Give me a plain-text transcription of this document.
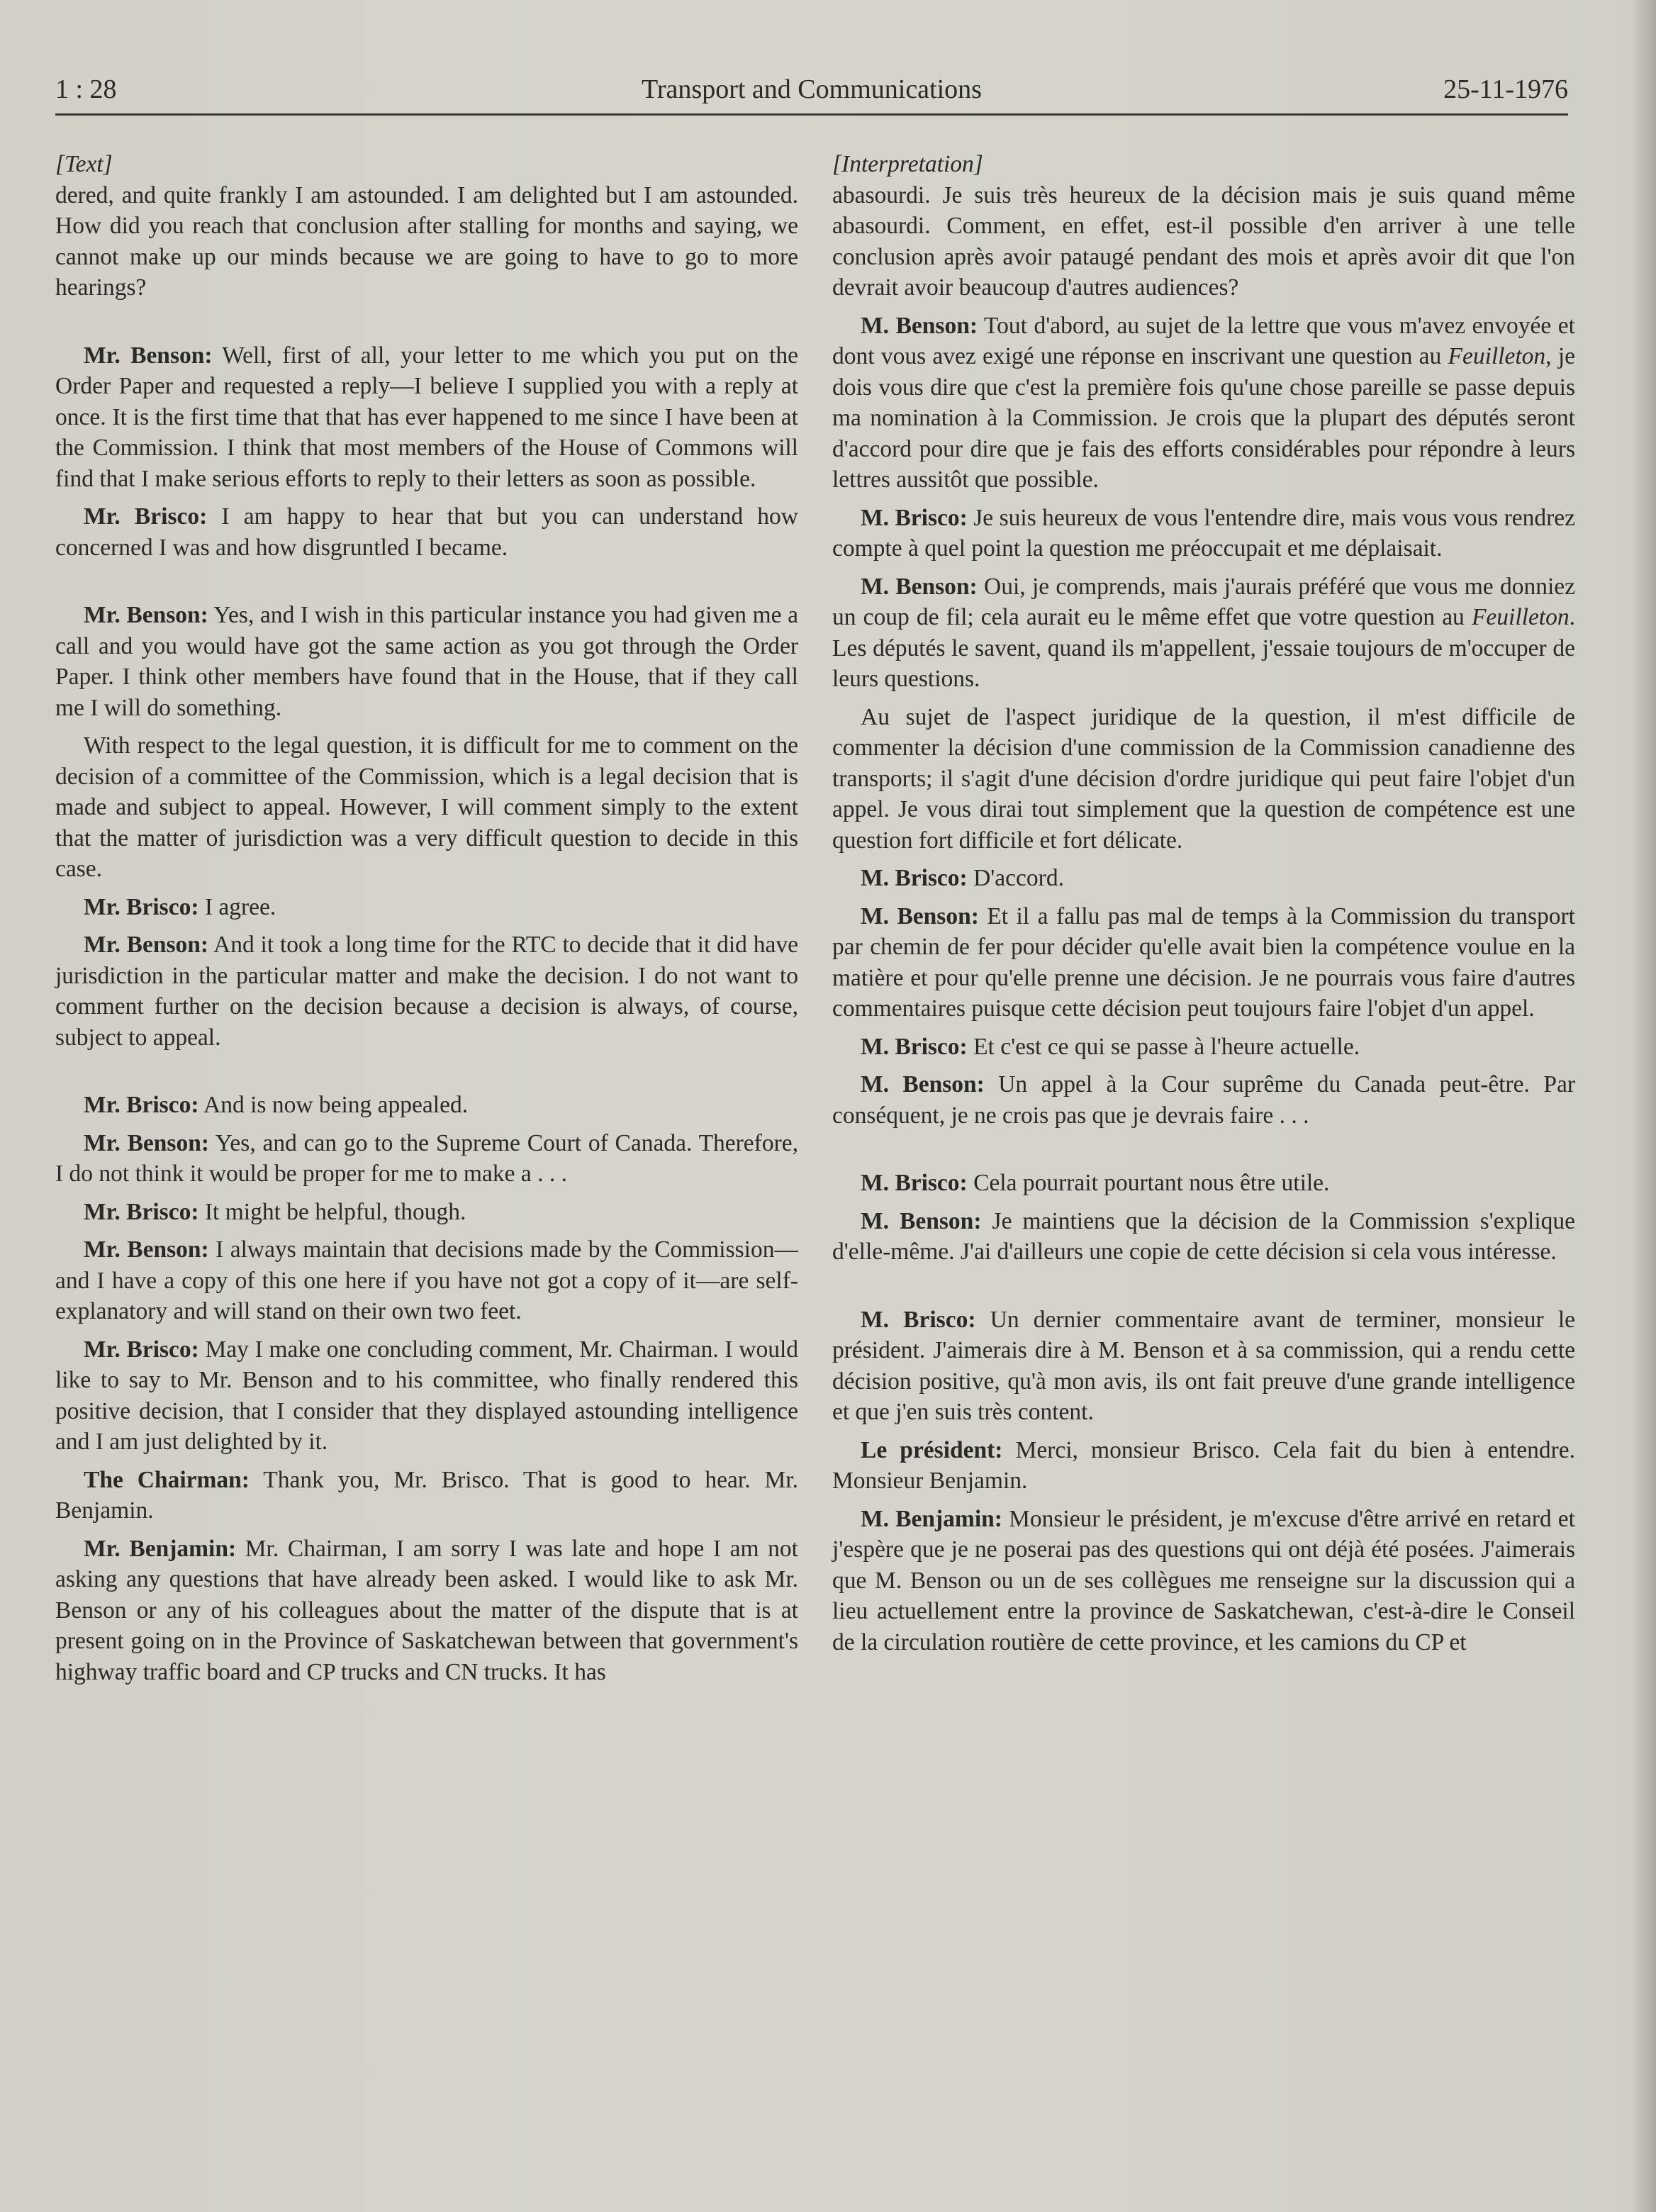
1 : 28	Transport and Communications	25-11-1976

[Text]

dered, and quite frankly I am astounded. I am delighted but I am astounded. How did you reach that conclusion after stalling for months and saying, we cannot make up our minds because we are going to have to go to more hearings?

Mr. Benson: Well, first of all, your letter to me which you put on the Order Paper and requested a reply—I believe I supplied you with a reply at once. It is the first time that that has ever happened to me since I have been at the Commission. I think that most members of the House of Commons will find that I make serious efforts to reply to their letters as soon as possible.

Mr. Brisco: I am happy to hear that but you can understand how concerned I was and how disgruntled I became.

Mr. Benson: Yes, and I wish in this particular instance you had given me a call and you would have got the same action as you got through the Order Paper. I think other members have found that in the House, that if they call me I will do something.

With respect to the legal question, it is difficult for me to comment on the decision of a committee of the Commission, which is a legal decision that is made and subject to appeal. However, I will comment simply to the extent that the matter of jurisdiction was a very difficult question to decide in this case.

Mr. Brisco: I agree.

Mr. Benson: And it took a long time for the RTC to decide that it did have jurisdiction in the particular matter and make the decision. I do not want to comment further on the decision because a decision is always, of course, subject to appeal.

Mr. Brisco: And is now being appealed.

Mr. Benson: Yes, and can go to the Supreme Court of Canada. Therefore, I do not think it would be proper for me to make a . . .

Mr. Brisco: It might be helpful, though.

Mr. Benson: I always maintain that decisions made by the Commission—and I have a copy of this one here if you have not got a copy of it—are self-explanatory and will stand on their own two feet.

Mr. Brisco: May I make one concluding comment, Mr. Chairman. I would like to say to Mr. Benson and to his committee, who finally rendered this positive decision, that I consider that they displayed astounding intelligence and I am just delighted by it.

The Chairman: Thank you, Mr. Brisco. That is good to hear. Mr. Benjamin.

Mr. Benjamin: Mr. Chairman, I am sorry I was late and hope I am not asking any questions that have already been asked. I would like to ask Mr. Benson or any of his colleagues about the matter of the dispute that is at present going on in the Province of Saskatchewan between that government's highway traffic board and CP trucks and CN trucks. It has

[Interpretation]

abasourdi. Je suis très heureux de la décision mais je suis quand même abasourdi. Comment, en effet, est-il possible d'en arriver à une telle conclusion après avoir pataugé pendant des mois et après avoir dit que l'on devrait avoir beaucoup d'autres audiences?

M. Benson: Tout d'abord, au sujet de la lettre que vous m'avez envoyée et dont vous avez exigé une réponse en inscrivant une question au Feuilleton, je dois vous dire que c'est la première fois qu'une chose pareille se passe depuis ma nomination à la Commission. Je crois que la plupart des députés seront d'accord pour dire que je fais des efforts considérables pour répondre à leurs lettres aussitôt que possible.

M. Brisco: Je suis heureux de vous l'entendre dire, mais vous vous rendrez compte à quel point la question me préoccupait et me déplaisait.

M. Benson: Oui, je comprends, mais j'aurais préféré que vous me donniez un coup de fil; cela aurait eu le même effet que votre question au Feuilleton. Les députés le savent, quand ils m'appellent, j'essaie toujours de m'occuper de leurs questions.

Au sujet de l'aspect juridique de la question, il m'est difficile de commenter la décision d'une commission de la Commission canadienne des transports; il s'agit d'une décision d'ordre juridique qui peut faire l'objet d'un appel. Je vous dirai tout simplement que la question de compétence est une question fort difficile et fort délicate.

M. Brisco: D'accord.

M. Benson: Et il a fallu pas mal de temps à la Commission du transport par chemin de fer pour décider qu'elle avait bien la compétence voulue en la matière et pour qu'elle prenne une décision. Je ne pourrais vous faire d'autres commentaires puisque cette décision peut toujours faire l'objet d'un appel.

M. Brisco: Et c'est ce qui se passe à l'heure actuelle.

M. Benson: Un appel à la Cour suprême du Canada peut-être. Par conséquent, je ne crois pas que je devrais faire . . .

M. Brisco: Cela pourrait pourtant nous être utile.

M. Benson: Je maintiens que la décision de la Commission s'explique d'elle-même. J'ai d'ailleurs une copie de cette décision si cela vous intéresse.

M. Brisco: Un dernier commentaire avant de terminer, monsieur le président. J'aimerais dire à M. Benson et à sa commission, qui a rendu cette décision positive, qu'à mon avis, ils ont fait preuve d'une grande intelligence et que j'en suis très content.

Le président: Merci, monsieur Brisco. Cela fait du bien à entendre. Monsieur Benjamin.

M. Benjamin: Monsieur le président, je m'excuse d'être arrivé en retard et j'espère que je ne poserai pas des questions qui ont déjà été posées. J'aimerais que M. Benson ou un de ses collègues me renseigne sur la discussion qui a lieu actuellement entre la province de Saskatchewan, c'est-à-dire le Conseil de la circulation routière de cette province, et les camions du CP et
